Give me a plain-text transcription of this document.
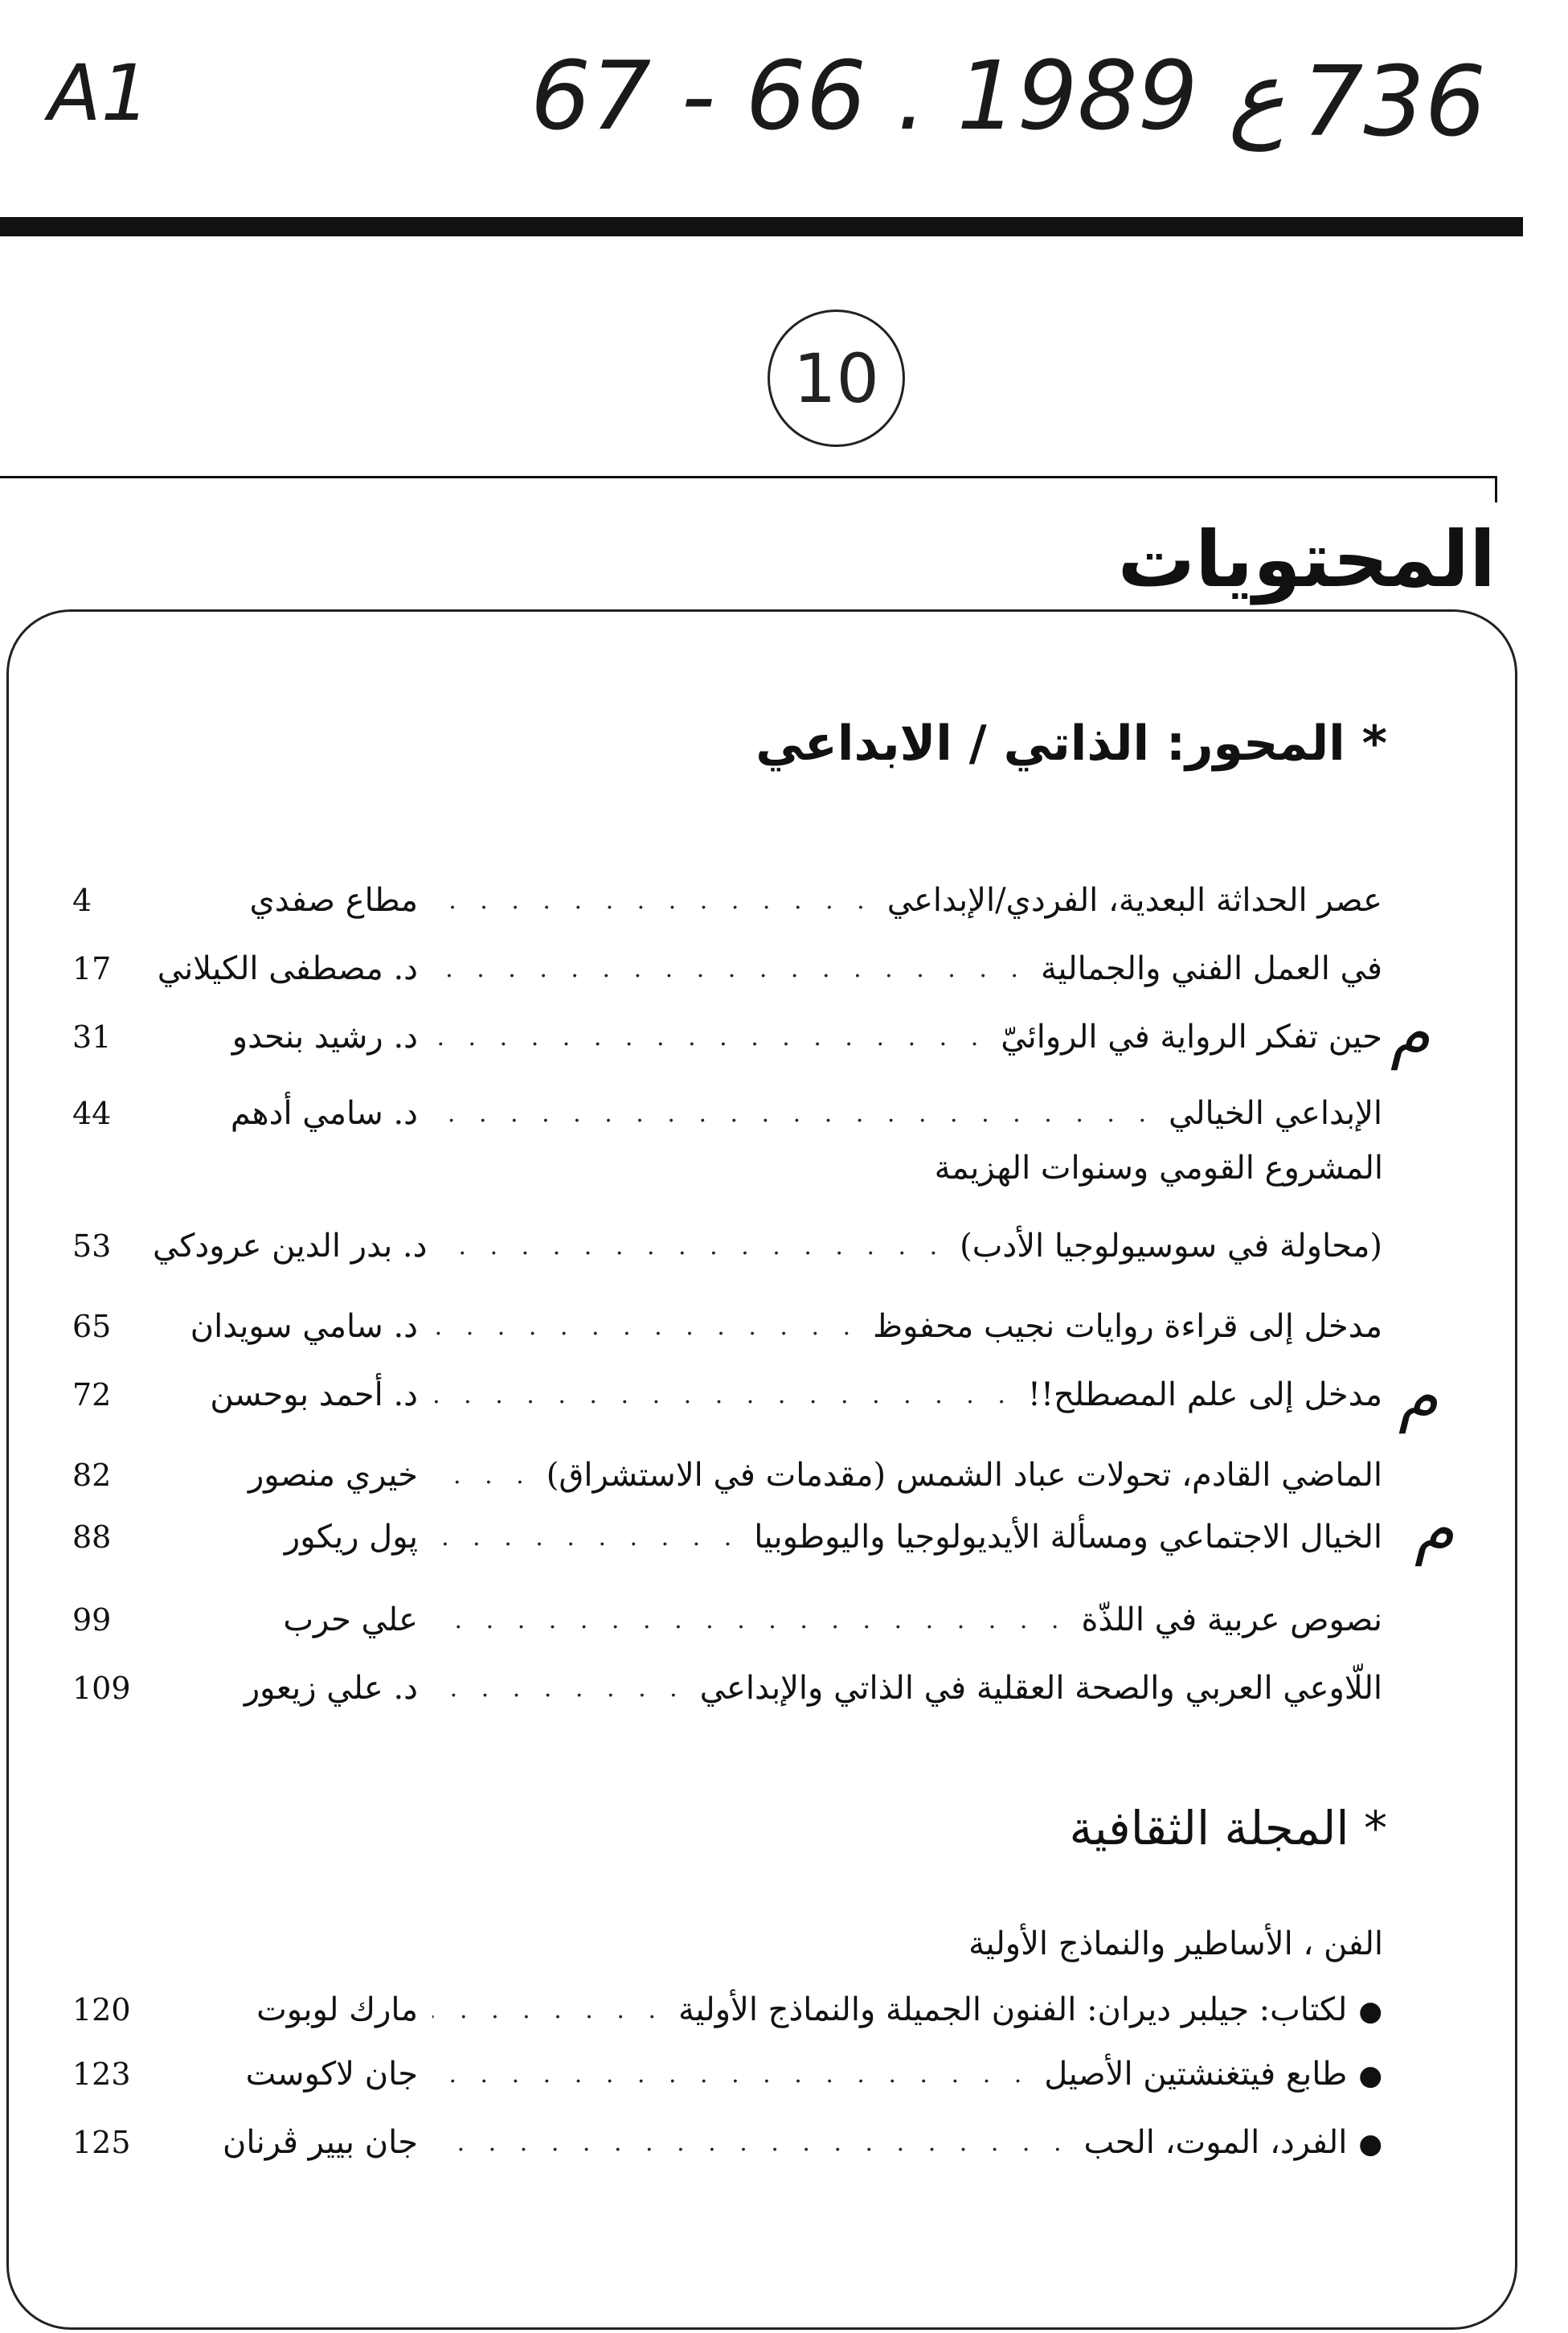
A1	67 - 66 . ع 1989 736
10
المحتويات
* المحور: الذاتي / الابداعي
عصر الحداثة البعدية، الفردي/الإبداعي
. . .
مطاع صفدي
4
في العمل الفني والجمالية
. . .
د. مصطفى الكيلاني
17
حين تفكر الرواية في الروائيّ
. . .
د. رشيد بنحدو
31
الإبداعي الخيالي
. . .
د. سامي أدهم
44
المشروع القومي وسنوات الهزيمة
(محاولة في سوسيولوجيا الأدب)
. . .
د. بدر الدين عرودكي
53
مدخل إلى قراءة روايات نجيب محفوظ
. . .
د. سامي سويدان
65
مدخل إلى علم المصطلح!!
. . .
د. أحمد بوحسن
72
الماضي القادم، تحولات عباد الشمس (مقدمات في الاستشراق)
. . .
خيري منصور
82
الخيال الاجتماعي ومسألة الأيديولوجيا واليوطوبيا
. . .
پول ريكور
88
نصوص عربية في اللذّة
. . .
علي حرب
99
اللّاوعي العربي والصحة العقلية في الذاتي والإبداعي
. . .
د. علي زيعور
109
* المجلة الثقافية
الفن ، الأساطير والنماذج الأولية
●لكتاب: جيلبر ديران: الفنون الجميلة والنماذج الأولية
. . .
مارك لوبوت
120
●طابع فيتغنشتين الأصيل
. . .
جان لاكوست
123
●الفرد، الموت، الحب
. . .
جان بيير ڤرنان
125
م
م
م
